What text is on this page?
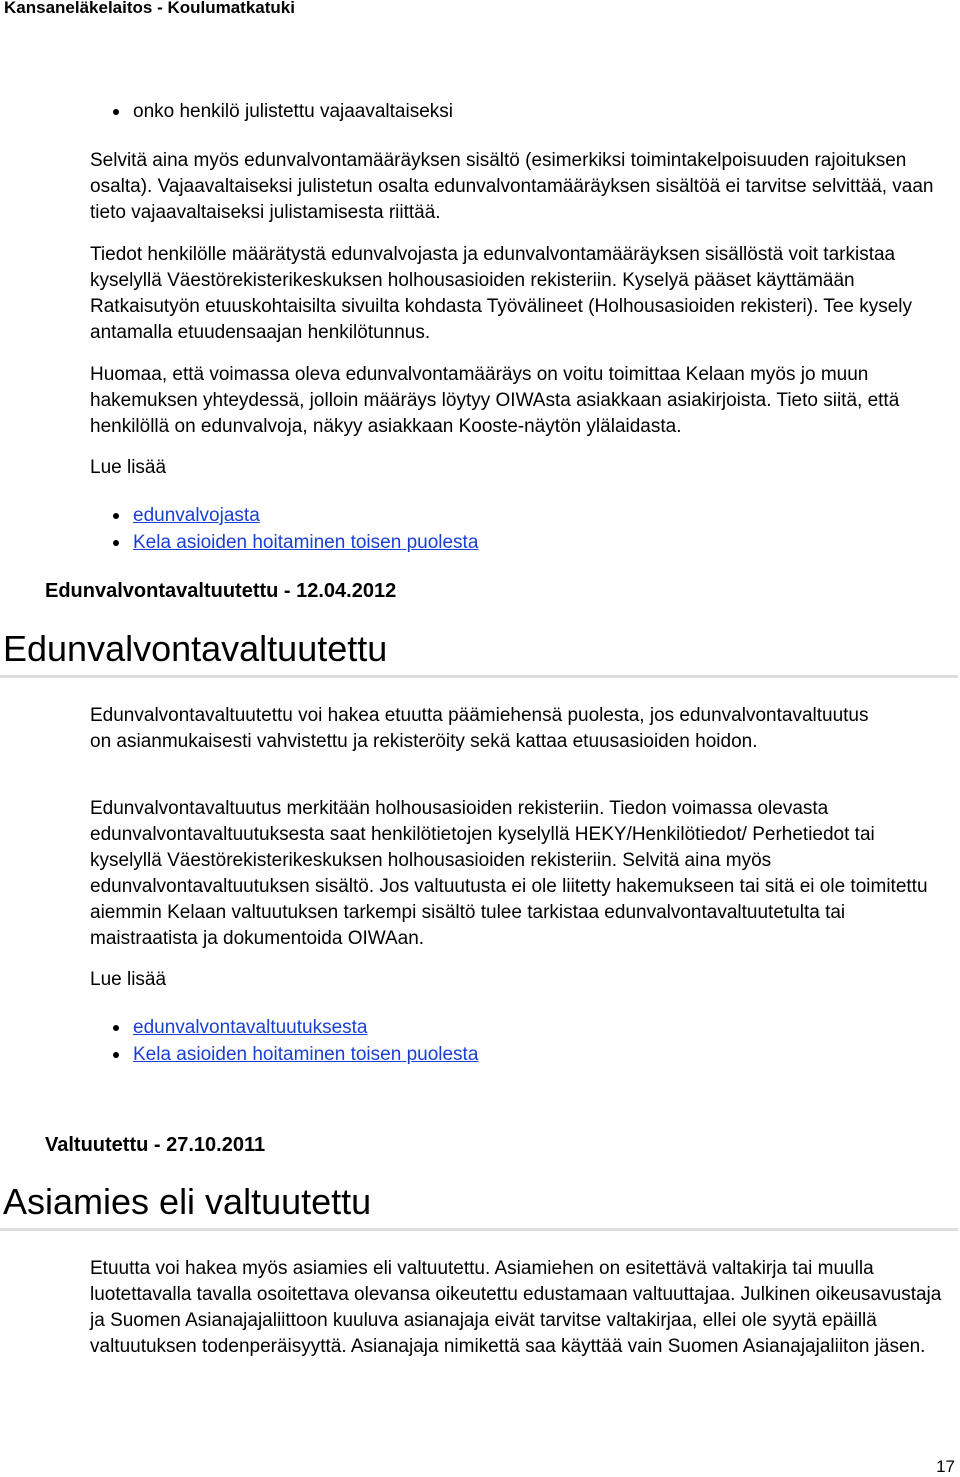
Kansaneläkelaitos - Koulumatkatuki
onko henkilö julistettu vajaavaltaiseksi

Selvitä aina myös edunvalvontamääräyksen sisältö (esimerkiksi toimintakelpoisuuden rajoituksen osalta). Vajaavaltaiseksi julistetun osalta edunvalvontamääräyksen sisältöä ei tarvitse selvittää, vaan tieto vajaavaltaiseksi julistamisesta riittää.

Tiedot henkilölle määrätystä edunvalvojasta ja edunvalvontamääräyksen sisällöstä voit tarkistaa kyselyllä Väestörekisterikeskuksen holhousasioiden rekisteriin. Kyselyä pääset käyttämään Ratkaisutyön etuuskohtaisilta sivuilta kohdasta Työvälineet (Holhousasioiden rekisteri). Tee kysely antamalla etuudensaajan henkilötunnus.

Huomaa, että voimassa oleva edunvalvontamääräys on voitu toimittaa Kelaan myös jo muun hakemuksen yhteydessä, jolloin määräys löytyy OIWAsta asiakkaan asiakirjoista. Tieto siitä, että henkilöllä on edunvalvoja, näkyy asiakkaan Kooste-näytön ylälaidasta.

Lue lisää

edunvalvojasta
Kela asioiden hoitaminen toisen puolesta
Edunvalvontavaltuutettu - 12.04.2012
Edunvalvontavaltuutettu

Edunvalvontavaltuutettu voi hakea etuutta päämiehensä puolesta, jos edunvalvontavaltuutus on asianmukaisesti vahvistettu ja rekisteröity sekä kattaa etuusasioiden hoidon.

Edunvalvontavaltuutus merkitään holhousasioiden rekisteriin. Tiedon voimassa olevasta edunvalvontavaltuutuksesta saat henkilötietojen kyselyllä HEKY/Henkilötiedot/ Perhetiedot tai kyselyllä Väestörekisterikeskuksen holhousasioiden rekisteriin. Selvitä aina myös edunvalvontavaltuutuksen sisältö. Jos valtuutusta ei ole liitetty hakemukseen tai sitä ei ole toimitettu aiemmin Kelaan valtuutuksen tarkempi sisältö tulee tarkistaa edunvalvontavaltuutetulta tai maistraatista ja dokumentoida OIWAan.

Lue lisää

edunvalvontavaltuutuksesta
Kela asioiden hoitaminen toisen puolesta
Valtuutettu - 27.10.2011
Asiamies eli valtuutettu

Etuutta voi hakea myös asiamies eli valtuutettu. Asiamiehen on esitettävä valtakirja tai muulla luotettavalla tavalla osoitettava olevansa oikeutettu edustamaan valtuuttajaa. Julkinen oikeusavustaja ja Suomen Asianajajaliittoon kuuluva asianajaja eivät tarvitse valtakirjaa, ellei ole syytä epäillä valtuutuksen todenperäisyyttä. Asianajaja nimikettä saa käyttää vain Suomen Asianajajaliiton jäsen.

17
